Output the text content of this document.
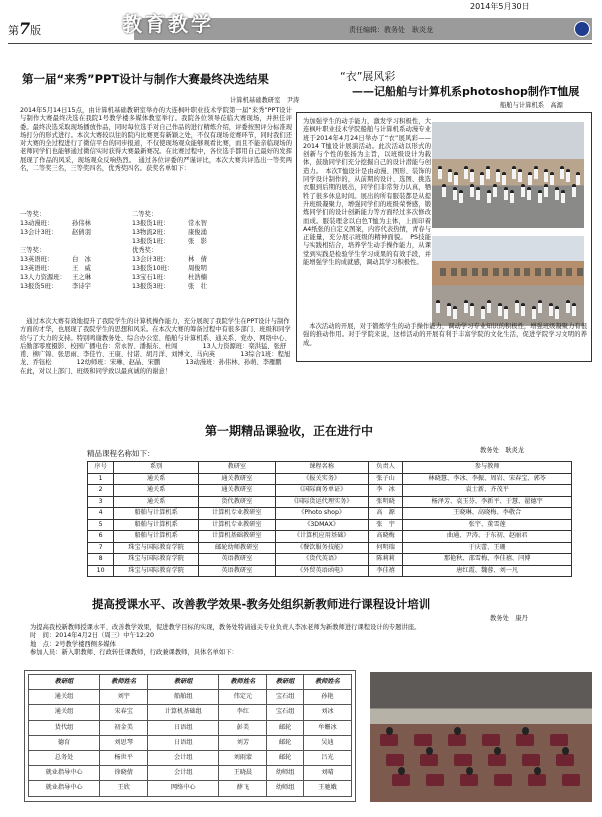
2014年5月30日
第7版	责任编辑：教务处　耿炎龙	大连枫叶职业技术学院
教育教学
第一届“来秀”PPT设计与制作大赛最终决选结果
计算机基础教研室　尹涛
2014年5月14日15点，由计算机基础教研室举办的大连枫叶职业技术学院第一届“来秀”PPT设计与制作大赛最终决选在我院1号教学楼多媒体教室举行。我院各位领导莅临大赛现场，并担任评委。最终决选采取现场播放作品，同时每位选手对自己作品的进行精炼介绍，评委按照评分标准现场打分的形式进行。本次大赛较以往的院内比赛更有新颖之处，不仅有现场竞赛环节，同时我们还对大赛的全过程进行了微信平台的同步报道，不仅使现场观众能够观看比赛，而且不能亲临现场的老师同学们也能够通过微信实时获得大赛最新赛况。在比赛过程中，各位选手都用自己最好的发挥展现了作品的风采，现场观众反响热烈。　通过各位评委的严谨评比，本次大赛共评选出一等奖两名，二等奖三名，三等奖四名，优秀奖四名。获奖名单如下：
一等奖：	二等奖：
13动漫班：	孙伟林	13报货1班：	常永智
13会计3班：	赵倩羽	13物流2班：	康俊涌
13报货1班：	张　影
三等奖：	优秀奖：
13英语班：	白　冰	13会计3班：	林　倩
13英语班：	王　威	13报货10班：	周俊明
13人力资源班： 王之琳	13宝石1班：	杜浩楠
13报货5班：	李诗宇	13报货3班：	张　壮
　通过本次大赛有效地提升了我院学生的计算机操作能力，充分展现了我院学生在PPT设计与制作方面的才华，也展现了我院学生的思想和风采。在本次大赛的筹备过程中有很多部门、班级和同学给与了大力的支持。特别鸣谢教务处、综合办公室、船舶与计算机系、通关系、党办、网络中心、后勤部零度摄影、校园广播电台：常永智、潘振东、杜闯　　　　13人力资源班：栾洪猛、张舒甫、柳广锦、张思雨、李佳竹、王康、付诺、胡月洋、刘博文、马向英　　　　13综合1班：程旭龙、乔钰松　　　　12幼师班：宋琳、赵晶、宋鹏　　　　13动漫班：孙伟林、孙萌、李雁鹏　　　　在此，对以上部门、班级和同学致以最真诚的的谢意！
“衣”展风彩
——记船舶与计算机系photoshop制作T恤展
船舶与计算机系　高源
为加强学生的动手能力，激发学习积极性，大连枫叶职业技术学院船舶与计算机系动漫专业班于2014年4月24日举办了“衣”展风彩——2014 T恤设计展演活动。此次活动以形式的创新与个性的张扬为主旨，以班级设计为载体，鼓励同学们充分挖掘自己的设计潜能与创造力。　本次T恤设计是由动漫、图形、装饰的同学设计制作的，从前期的设计、选图、挑选衣服到后期的展出，同学们非常努力认真，牺牲了很多休息时间。展出的所有服装都是从提升班级凝聚力，增强同学们的班级荣誉感，锻炼同学们的设计创新能力等方面经过多次修改而成。服装理念以白色T恤为主体，上面印着A4纸张的自定义图案，内容代表热情，青春与正能量，充分展示班级的精神面貌。　PS技能与实践相结合，培养学生动手操作能力，从课堂到实践是检验学生学习成果的有效手段，并能增强学生的成就感，调动其学习积极性。
　本次活动的开展，对于锻炼学生的动手操作能力，调动学习专业知识的积极性，增强班级凝聚力有很强的推动作用。对于学院来说，这样活动的开展有利于丰富学院的文化生活，促进学院学习文明的养成。
第一期精品课验收，正在进行中
精品课程名称如下：	教务处　耿炎龙
序号	系别	教研室	课程名称	负责人	参与教师
1	通关系	通关教研室	《报关实务》	张子山	林晓慧、李冰、李振、周岩、宋春宝、郭苓
2	通关系	通关教研室	《国际商务单证》	李　冰	袁士新、齐茂平
3	通关系	货代教研室	《国际货运代理实务》	张明晓	杨泽芳、袁玉芬、李新平、于慧、翟德宇
4	船舶与计算机系	计算机专业教研室	《Photo shop》	高　源	王晓琳、高晓梅、李敬合
5	船舶与计算机系	计算机专业教研室	《3DMAX》	张　宇	张宇、董雪莲
6	船舶与计算机系	计算机基础教研室	《计算机应用基础》	高晓梅	曲通、尹涛、于东初、赵丽君
7	珠宝与国际教育学院	邮轮幼师教研室	《餐饮服务技能》	何明瑞	于庆蕾、王珊
8	珠宝与国际教育学院	英语教研室	《货代英语》	陈莉莉	那艳秋、邵雪梅、李佳禧、闫博
10	珠宝与国际教育学院	英语教研室	《外贸英语函电》	李佳禧	唐红霞、魏蓉、刘一凡
提高授课水平、改善教学效果-教务处组织新教师进行课程设计培训
教务处　康丹
为提高我校新教师授课水平、改善教学效果，促进教学目标的实现，教务处特请通关专业负责人李冰老师为新教师进行课程设计的专题讲座。
时　间：2014年4月2日（周三）中午12:20
地　点：2号教学楼西侧多媒体
参加人员：新入职教师、行政转任课教师，行政兼课教师，具体名单如下：
教研组	教师姓名	教研组	教师姓名	教研组	教师姓名
通关组	刘宇	船舶组	伟定元	宝石组	孙艳
通关组	宋春宝	计算机基础组	李红	宝石组	刘冰
货代组	初金美	日语组	彭美	邮轮	牟姗冰
德育	刘思琴	日语组	刘芳	邮轮	吴迪
总务处	杨世平	会计组	刘雨蒙	邮轮	吕光
就业指导中心	徐晓倩	会计组	王晓晨	幼师组	刘晴
就业指导中心	王欣	网络中心	薛飞	幼师组	王驰娥
